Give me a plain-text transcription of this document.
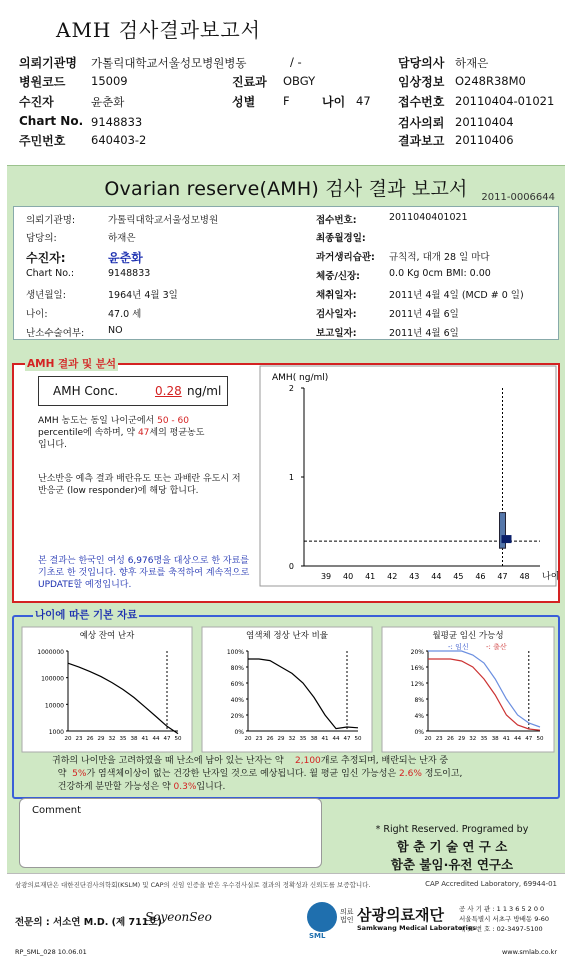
AMH 검사결과보고서
의뢰기관명 가톨릭대학교서울성모병원병동	/ -	담당의사 하재은
병원코드 15009	진료과 OBGY	임상정보 O248R38M0
수진자	윤춘화	성별 F	나이 47 접수번호 20110404-01021
Chart No. 9148833	검사의뢰 20110404
주민번호 640403-2	결과보고 20110406
Ovarian reserve(AMH) 검사 결과 보고서	2011-0006644
의뢰기관명:	가톨릭대학교서울성모병원
담당의:	하재은
수진자:	윤춘화
Chart No.:	9148833
생년월일:	1964년 4월 3일
나이:	47.0 세
난소수술여부: NO
접수번호:	2011040401021
최종월경일:
과거생리습관: 규칙적, 대개 28 일 마다
체중/신장:	0.0 Kg 0cm BMI: 0.00
채취일자:	2011년 4월 4일 (MCD # 0 일)
검사일자:	2011년 4월 6일
보고일자:	2011년 4월 6일
AMH Conc.	0.28 ng/ml
AMH 농도는 동일 나이군에서 50 - 60
percentile에 속하며, 약 47세의 평균농도
입니다.
난소반응 예측 결과 배란유도 또는 과배란 유도시 저반응군 (low responder)에 해당 합니다.
본 결과는 한국인 여성 6,976명을 대상으로 한 자료를 기초로 한 것입니다. 향후 자료를 축적하여 계속적으로 UPDATE할 예정입니다.
AMH( ng/ml)
0
1
2
39 40 41 42 43 44 45 46 47 48 나이
AMH 결과 및 분석
예상 잔여 난자
1000000
100000
10000
1000
20 23 26 29 32 35 38 41 44 47 50
염색체 정상 난자 비율
100%
80%
60%
40%
20%
0%
20 23 26 29 32 35 38 41 44 47 50
월평균 임신 가능성
20%
16%
12%
8%
4%
0%
20 23 26 29 32 35 38 41 44 47 50
-: 임신 -: 출산
귀하의 나이만을 고려하였을 때 난소에 남아 있는 난자는 약 2,100개로 추정되며, 배란되는 난자 중
약 5%가 염색체이상이 없는 건강한 난자일 것으로 예상됩니다. 월 평균 임신 가능성은 2.6% 정도이고,
건강하게 분만할 가능성은 약 0.3%입니다.
나이에 따른 기본 자료
Comment
* Right Reserved. Programed by
함 춘 기 술 연 구 소
함춘 불임·유전 연구소
삼광의료재단은 대한진단검사의학회(KSLM) 및 CAP의 신임 인증을 받은 우수검사실로 결과의 정확성과 신뢰도를 보증합니다.	CAP Accredited Laboratory, 69944-01
전문의 : 서소연 M.D. (제 711호)
SoyeonSeo
SML
의료
법인 삼광의료재단
Samkwang Medical Laboratories
공 사 기 관 : 1 1 3 6 5 2 0 0
서울특별시 서초구 방배동 9-60
대 표 번 호 : 02-3497-5100
RP_SML_028 10.06.01	www.smlab.co.kr
